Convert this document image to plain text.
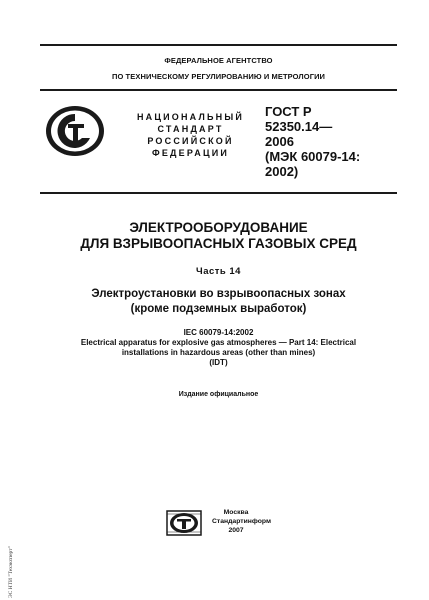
ФЕДЕРАЛЬНОЕ АГЕНТСТВО
ПО ТЕХНИЧЕСКОМУ РЕГУЛИРОВАНИЮ И МЕТРОЛОГИИ
НАЦИОНАЛЬНЫЙ
СТАНДАРТ
РОССИЙСКОЙ
ФЕДЕРАЦИИ
ГОСТ Р
52350.14—
2006
(МЭК 60079-14:
2002)
ЭЛЕКТРООБОРУДОВАНИЕ
ДЛЯ ВЗРЫВООПАСНЫХ ГАЗОВЫХ СРЕД
Часть 14
Электроустановки во взрывоопасных зонах
(кроме подземных выработок)
IEC 60079-14:2002
Electrical apparatus for explosive gas atmospheres — Part 14: Electrical
installations in hazardous areas (other than mines)
(IDT)
Издание официальное
Москва
Стандартинформ
2007
ЭС НТИ "Техэксперт"
